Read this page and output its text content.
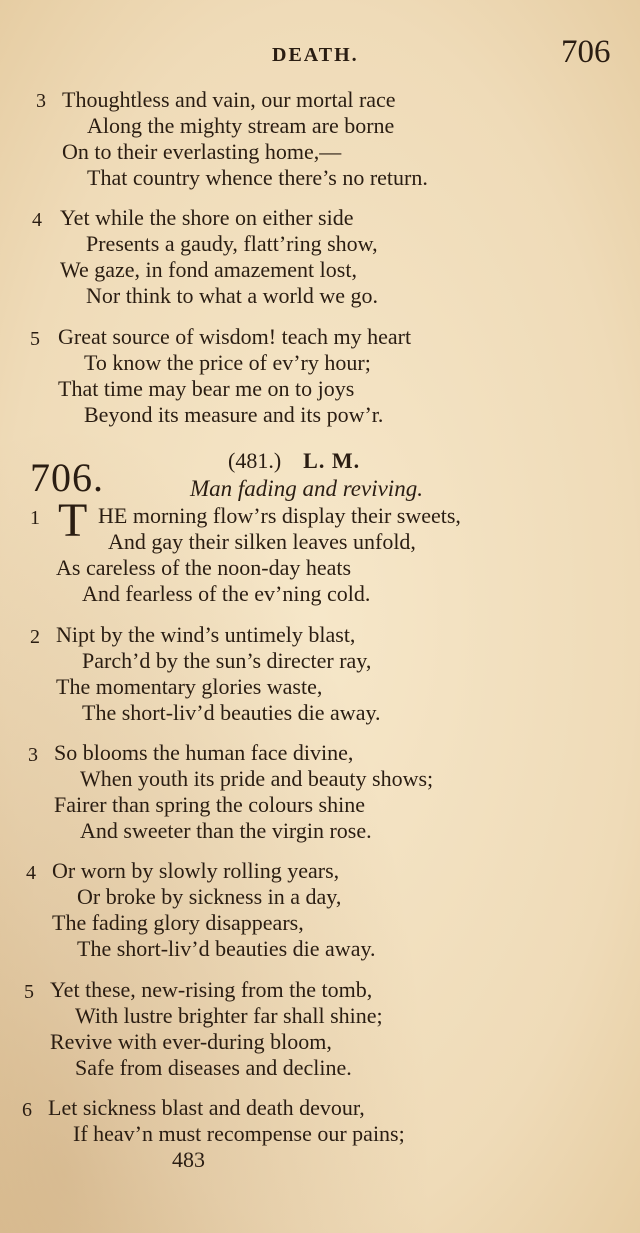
DEATH.	706
3 Thoughtless and vain, our mortal race
Along the mighty stream are borne
On to their everlasting home,—
That country whence there’s no return.
4 Yet while the shore on either side
Presents a gaudy, flatt’ring show,
We gaze, in fond amazement lost,
Nor think to what a world we go.
5 Great source of wisdom! teach my heart
To know the price of ev’ry hour;
That time may bear me on to joys
Beyond its measure and its pow’r.
706.	(481.) L. M.
Man fading and reviving.
1 T HE morning flow’rs display their sweets,
And gay their silken leaves unfold,
As careless of the noon-day heats
And fearless of the ev’ning cold.
2 Nipt by the wind’s untimely blast,
Parch’d by the sun’s directer ray,
The momentary glories waste,
The short-liv’d beauties die away.
3 So blooms the human face divine,
When youth its pride and beauty shows;
Fairer than spring the colours shine
And sweeter than the virgin rose.
4 Or worn by slowly rolling years,
Or broke by sickness in a day,
The fading glory disappears,
The short-liv’d beauties die away.
5 Yet these, new-rising from the tomb,
With lustre brighter far shall shine;
Revive with ever-during bloom,
Safe from diseases and decline.
6 Let sickness blast and death devour,
If heav’n must recompense our pains;
483
